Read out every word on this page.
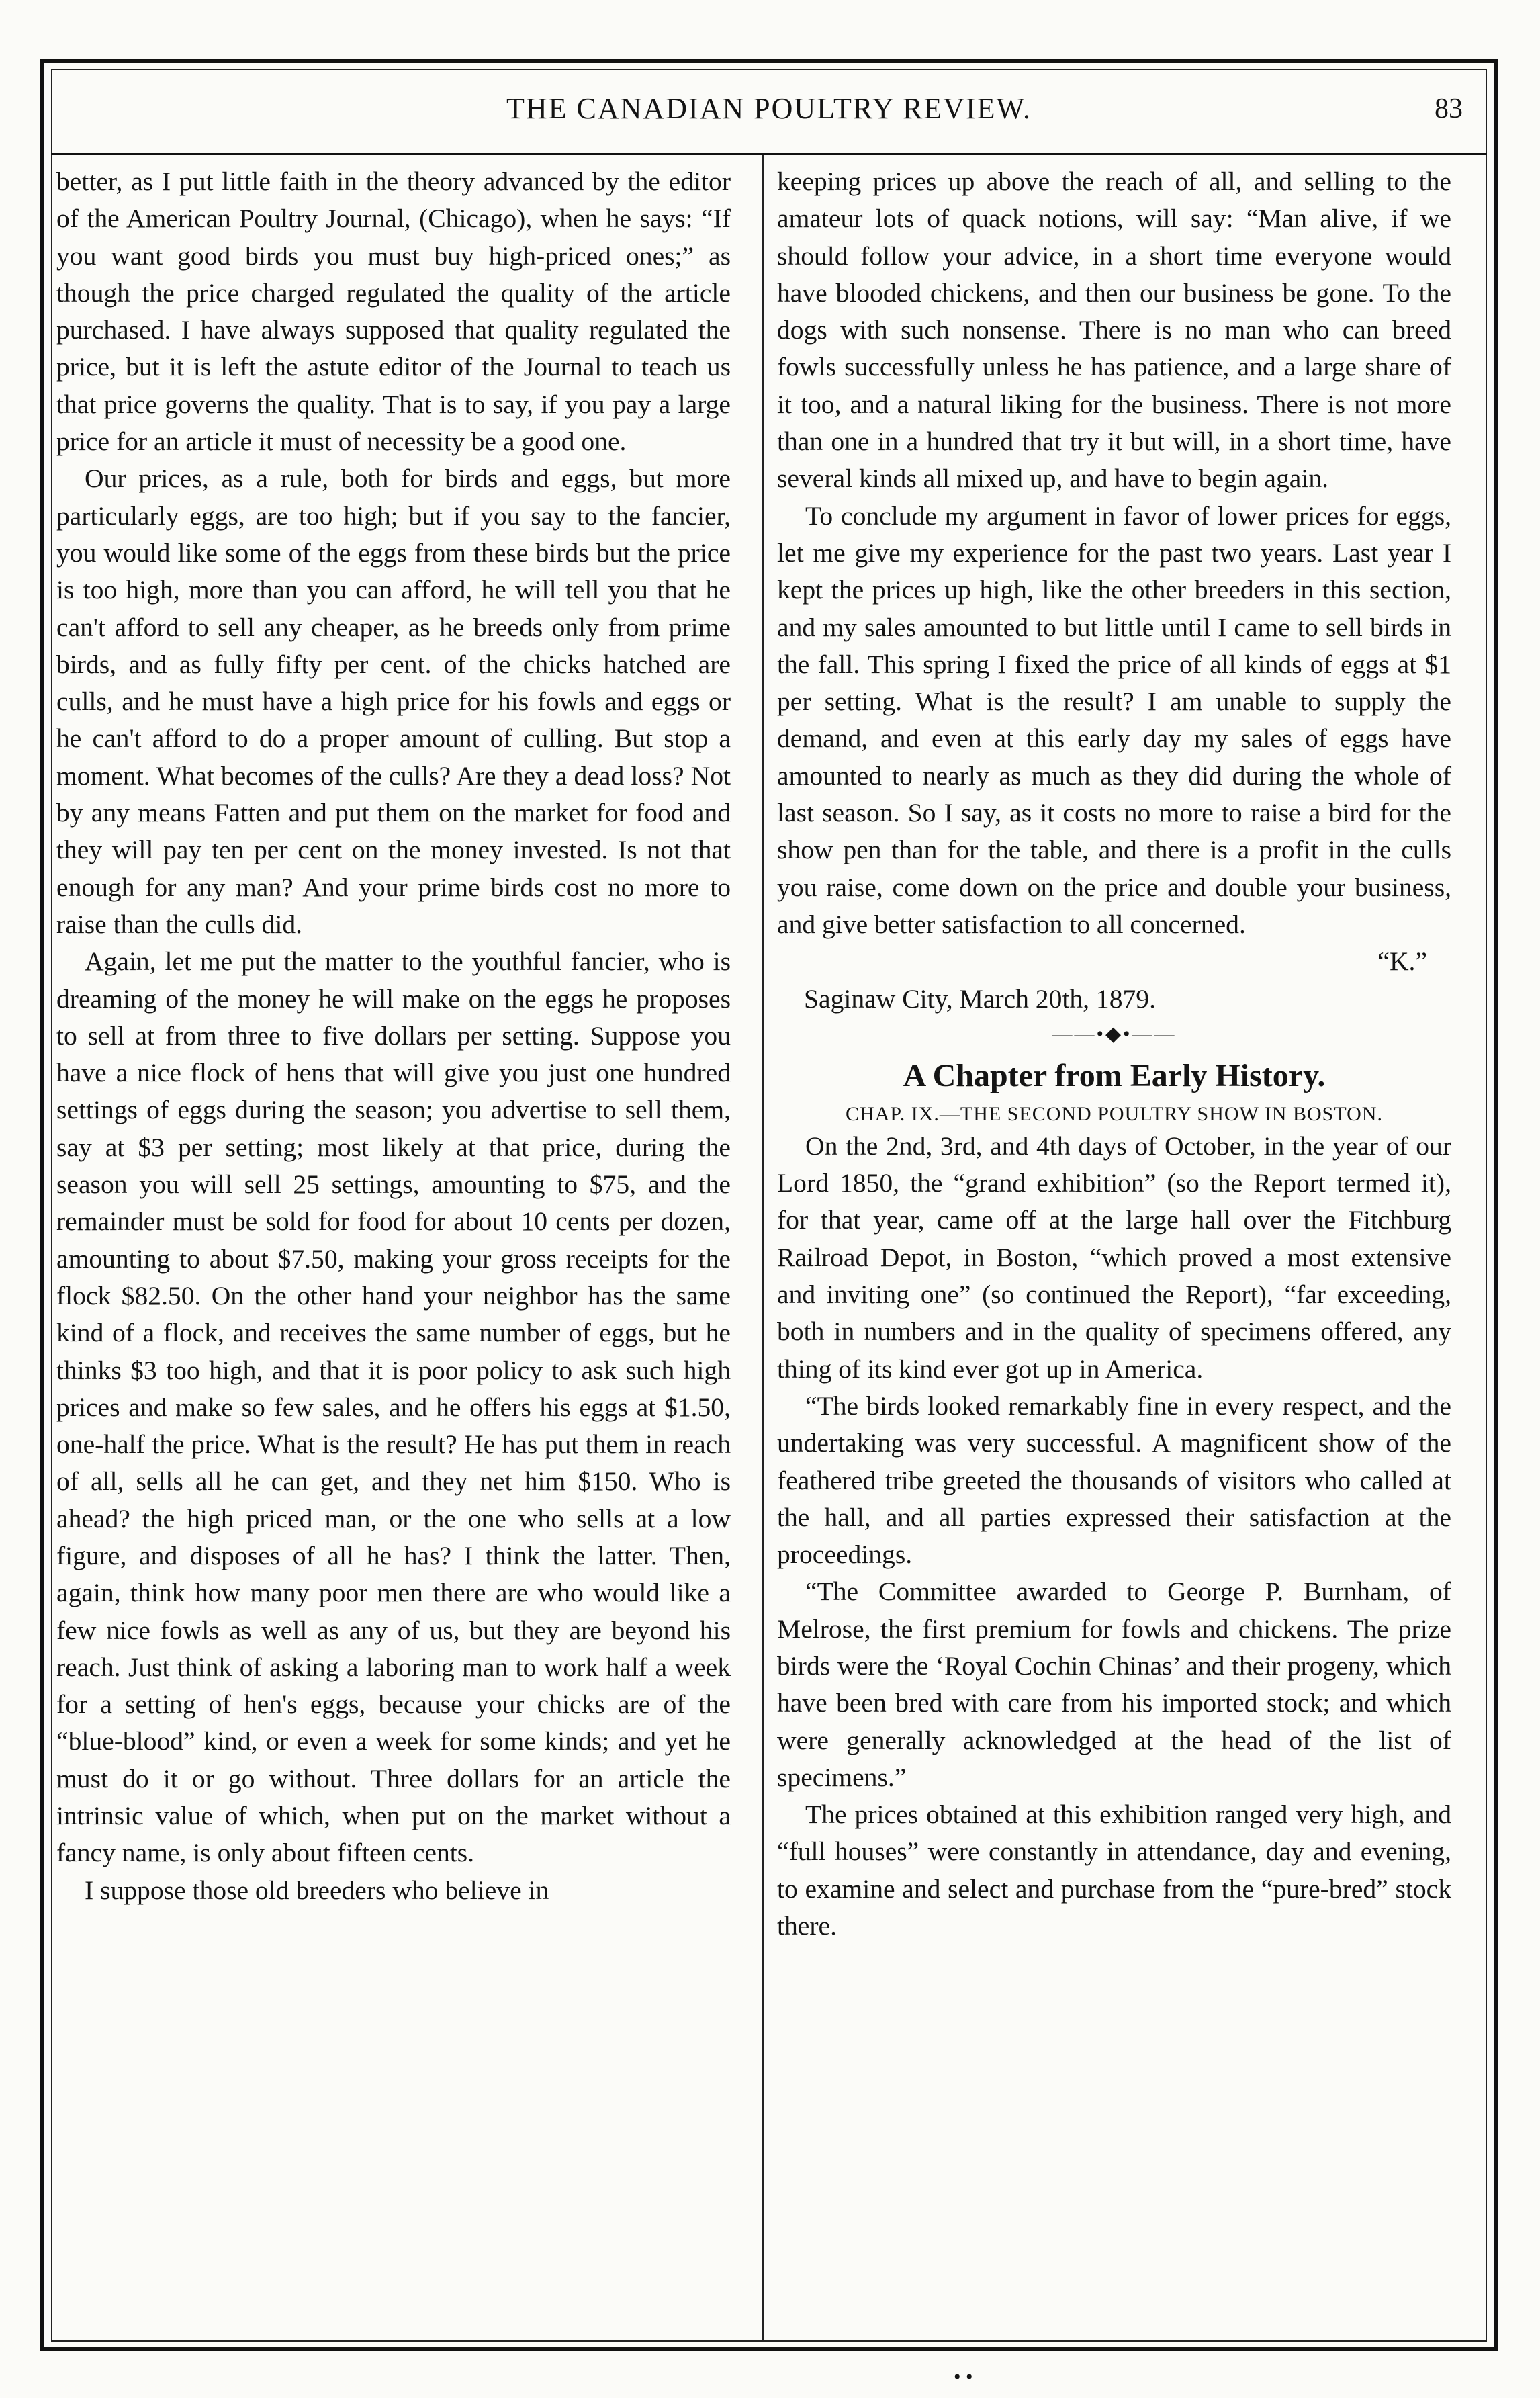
THE CANADIAN POULTRY REVIEW.	83

better, as I put little faith in the theory advanced by the editor of the American Poultry Journal, (Chicago), when he says: “If you want good birds you must buy high-priced ones;” as though the price charged regulated the quality of the article purchased. I have always supposed that quality regulated the price, but it is left the astute editor of the Journal to teach us that price governs the quality. That is to say, if you pay a large price for an article it must of necessity be a good one.

Our prices, as a rule, both for birds and eggs, but more particularly eggs, are too high; but if you say to the fancier, you would like some of the eggs from these birds but the price is too high, more than you can afford, he will tell you that he can't afford to sell any cheaper, as he breeds only from prime birds, and as fully fifty per cent. of the chicks hatched are culls, and he must have a high price for his fowls and eggs or he can't afford to do a proper amount of culling. But stop a moment. What becomes of the culls? Are they a dead loss? Not by any means Fatten and put them on the market for food and they will pay ten per cent on the money invested. Is not that enough for any man? And your prime birds cost no more to raise than the culls did.

Again, let me put the matter to the youthful fancier, who is dreaming of the money he will make on the eggs he proposes to sell at from three to five dollars per setting. Suppose you have a nice flock of hens that will give you just one hundred settings of eggs during the season; you advertise to sell them, say at $3 per setting; most likely at that price, during the season you will sell 25 settings, amounting to $75, and the remainder must be sold for food for about 10 cents per dozen, amounting to about $7.50, making your gross receipts for the flock $82.50. On the other hand your neighbor has the same kind of a flock, and receives the same number of eggs, but he thinks $3 too high, and that it is poor policy to ask such high prices and make so few sales, and he offers his eggs at $1.50, one-half the price. What is the result? He has put them in reach of all, sells all he can get, and they net him $150. Who is ahead? the high priced man, or the one who sells at a low figure, and disposes of all he has? I think the latter. Then, again, think how many poor men there are who would like a few nice fowls as well as any of us, but they are beyond his reach. Just think of asking a laboring man to work half a week for a setting of hen's eggs, because your chicks are of the “blue-blood” kind, or even a week for some kinds; and yet he must do it or go without. Three dollars for an article the intrinsic value of which, when put on the market without a fancy name, is only about fifteen cents.

I suppose those old breeders who believe in

keeping prices up above the reach of all, and selling to the amateur lots of quack notions, will say: “Man alive, if we should follow your advice, in a short time everyone would have blooded chickens, and then our business be gone. To the dogs with such nonsense. There is no man who can breed fowls successfully unless he has patience, and a large share of it too, and a natural liking for the business. There is not more than one in a hundred that try it but will, in a short time, have several kinds all mixed up, and have to begin again.

To conclude my argument in favor of lower prices for eggs, let me give my experience for the past two years. Last year I kept the prices up high, like the other breeders in this section, and my sales amounted to but little until I came to sell birds in the fall. This spring I fixed the price of all kinds of eggs at $1 per setting. What is the result? I am unable to supply the demand, and even at this early day my sales of eggs have amounted to nearly as much as they did during the whole of last season. So I say, as it costs no more to raise a bird for the show pen than for the table, and there is a profit in the culls you raise, come down on the price and double your business, and give better satisfaction to all concerned.

“K.”

Saginaw City, March 20th, 1879.

——•◆•——

A Chapter from Early History.

CHAP. IX.—THE SECOND POULTRY SHOW IN BOSTON.

On the 2nd, 3rd, and 4th days of October, in the year of our Lord 1850, the “grand exhibition” (so the Report termed it), for that year, came off at the large hall over the Fitchburg Railroad Depot, in Boston, “which proved a most extensive and inviting one” (so continued the Report), “far exceeding, both in numbers and in the quality of specimens offered, any thing of its kind ever got up in America.

“The birds looked remarkably fine in every respect, and the undertaking was very successful. A magnificent show of the feathered tribe greeted the thousands of visitors who called at the hall, and all parties expressed their satisfaction at the proceedings.

“The Committee awarded to George P. Burnham, of Melrose, the first premium for fowls and chickens. The prize birds were the ‘Royal Cochin Chinas’ and their progeny, which have been bred with care from his imported stock; and which were generally acknowledged at the head of the list of specimens.”

The prices obtained at this exhibition ranged very high, and “full houses” were constantly in attendance, day and evening, to examine and select and purchase from the “pure-bred” stock there.

• •
